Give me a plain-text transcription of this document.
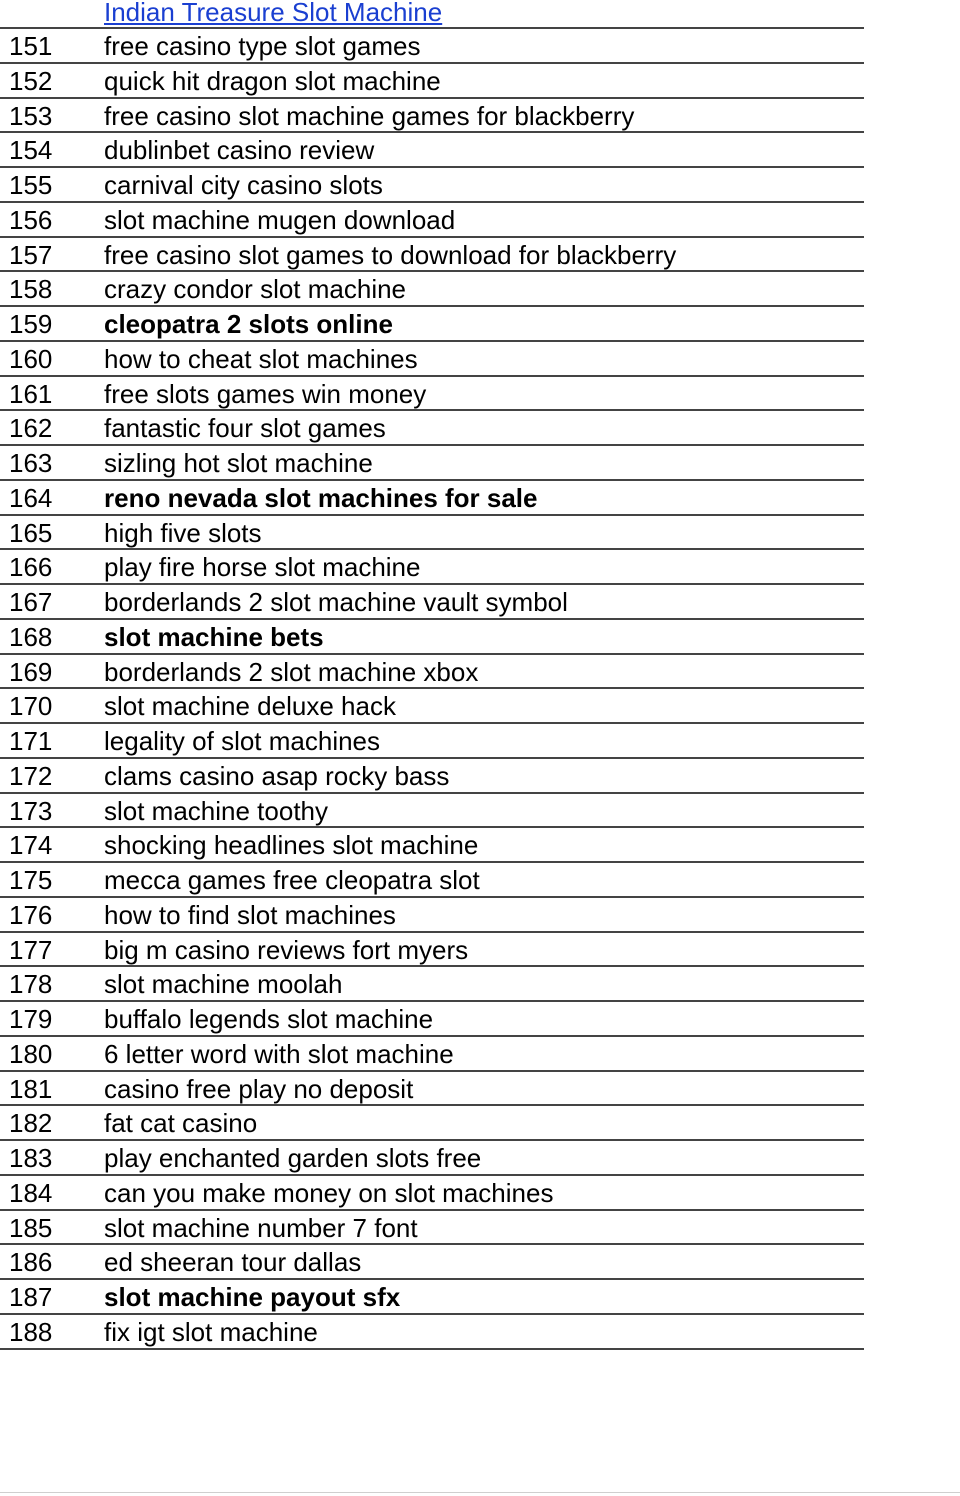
Indian Treasure Slot Machine
151 free casino type slot games
152 quick hit dragon slot machine
153 free casino slot machine games for blackberry
154 dublinbet casino review
155 carnival city casino slots
156 slot machine mugen download
157 free casino slot games to download for blackberry
158 crazy condor slot machine
159 cleopatra 2 slots online
160 how to cheat slot machines
161 free slots games win money
162 fantastic four slot games
163 sizling hot slot machine
164 reno nevada slot machines for sale
165 high five slots
166 play fire horse slot machine
167 borderlands 2 slot machine vault symbol
168 slot machine bets
169 borderlands 2 slot machine xbox
170 slot machine deluxe hack
171 legality of slot machines
172 clams casino asap rocky bass
173 slot machine toothy
174 shocking headlines slot machine
175 mecca games free cleopatra slot
176 how to find slot machines
177 big m casino reviews fort myers
178 slot machine moolah
179 buffalo legends slot machine
180 6 letter word with slot machine
181 casino free play no deposit
182 fat cat casino
183 play enchanted garden slots free
184 can you make money on slot machines
185 slot machine number 7 font
186 ed sheeran tour dallas
187 slot machine payout sfx
188 fix igt slot machine
